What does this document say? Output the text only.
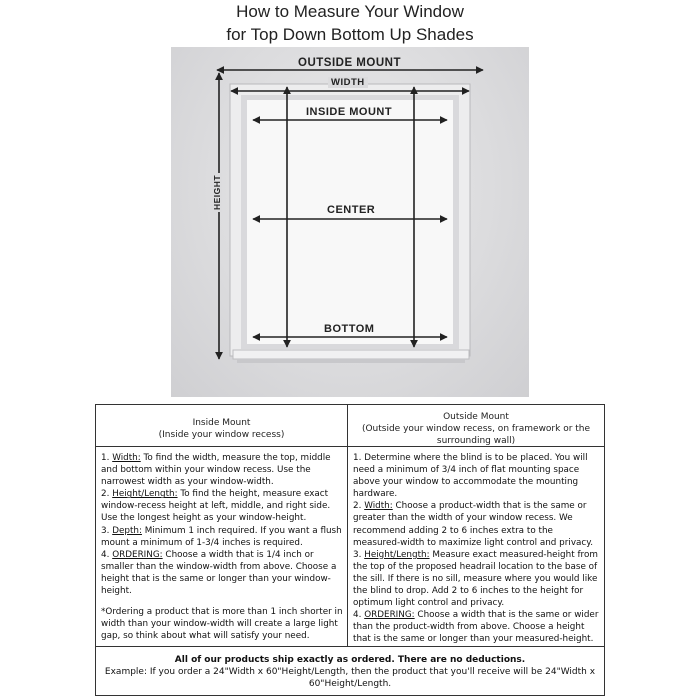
How to Measure Your Window
for Top Down Bottom Up Shades
OUTSIDE MOUNT
WIDTH
INSIDE MOUNT
CENTER
BOTTOM
HEIGHT
Inside Mount
(Inside your window recess)

1. Width: To find the width, measure the top, middle and bottom within your window recess. Use the narrowest width as your window-width.

2. Height/Length: To find the height, measure exact window-recess height at left, middle, and right side. Use the longest height as your window-height.

3. Depth: Minimum 1 inch required. If you want a flush mount a minimum of 1-3/4 inches is required.

4. ORDERING: Choose a width that is 1/4 inch or smaller than the window-width from above. Choose a height that is the same or longer than your window-height.

*Ordering a product that is more than 1 inch shorter in width than your window-width will create a large light gap, so think about what will satisfy your need.

Outside Mount
(Outside your window recess, on framework or the
surrounding wall)

1. Determine where the blind is to be placed. You will need a minimum of 3/4 inch of flat mounting space above your window to accommodate the mounting hardware.

2. Width: Choose a product-width that is the same or greater than the width of your window recess. We recommend adding 2 to 6 inches extra to the measured-width to maximize light control and privacy.

3. Height/Length: Measure exact measured-height from the top of the proposed headrail location to the base of the sill. If there is no sill, measure where you would like the blind to drop. Add 2 to 6 inches to the height for optimum light control and privacy.

4. ORDERING: Choose a width that is the same or wider than the product-width from above. Choose a height that is the same or longer than your measured-height.

All of our products ship exactly as ordered. There are no deductions.
Example: If you order a 24"Width x 60"Height/Length, then the product that you'll receive will be 24"Width x 60"Height/Length.
